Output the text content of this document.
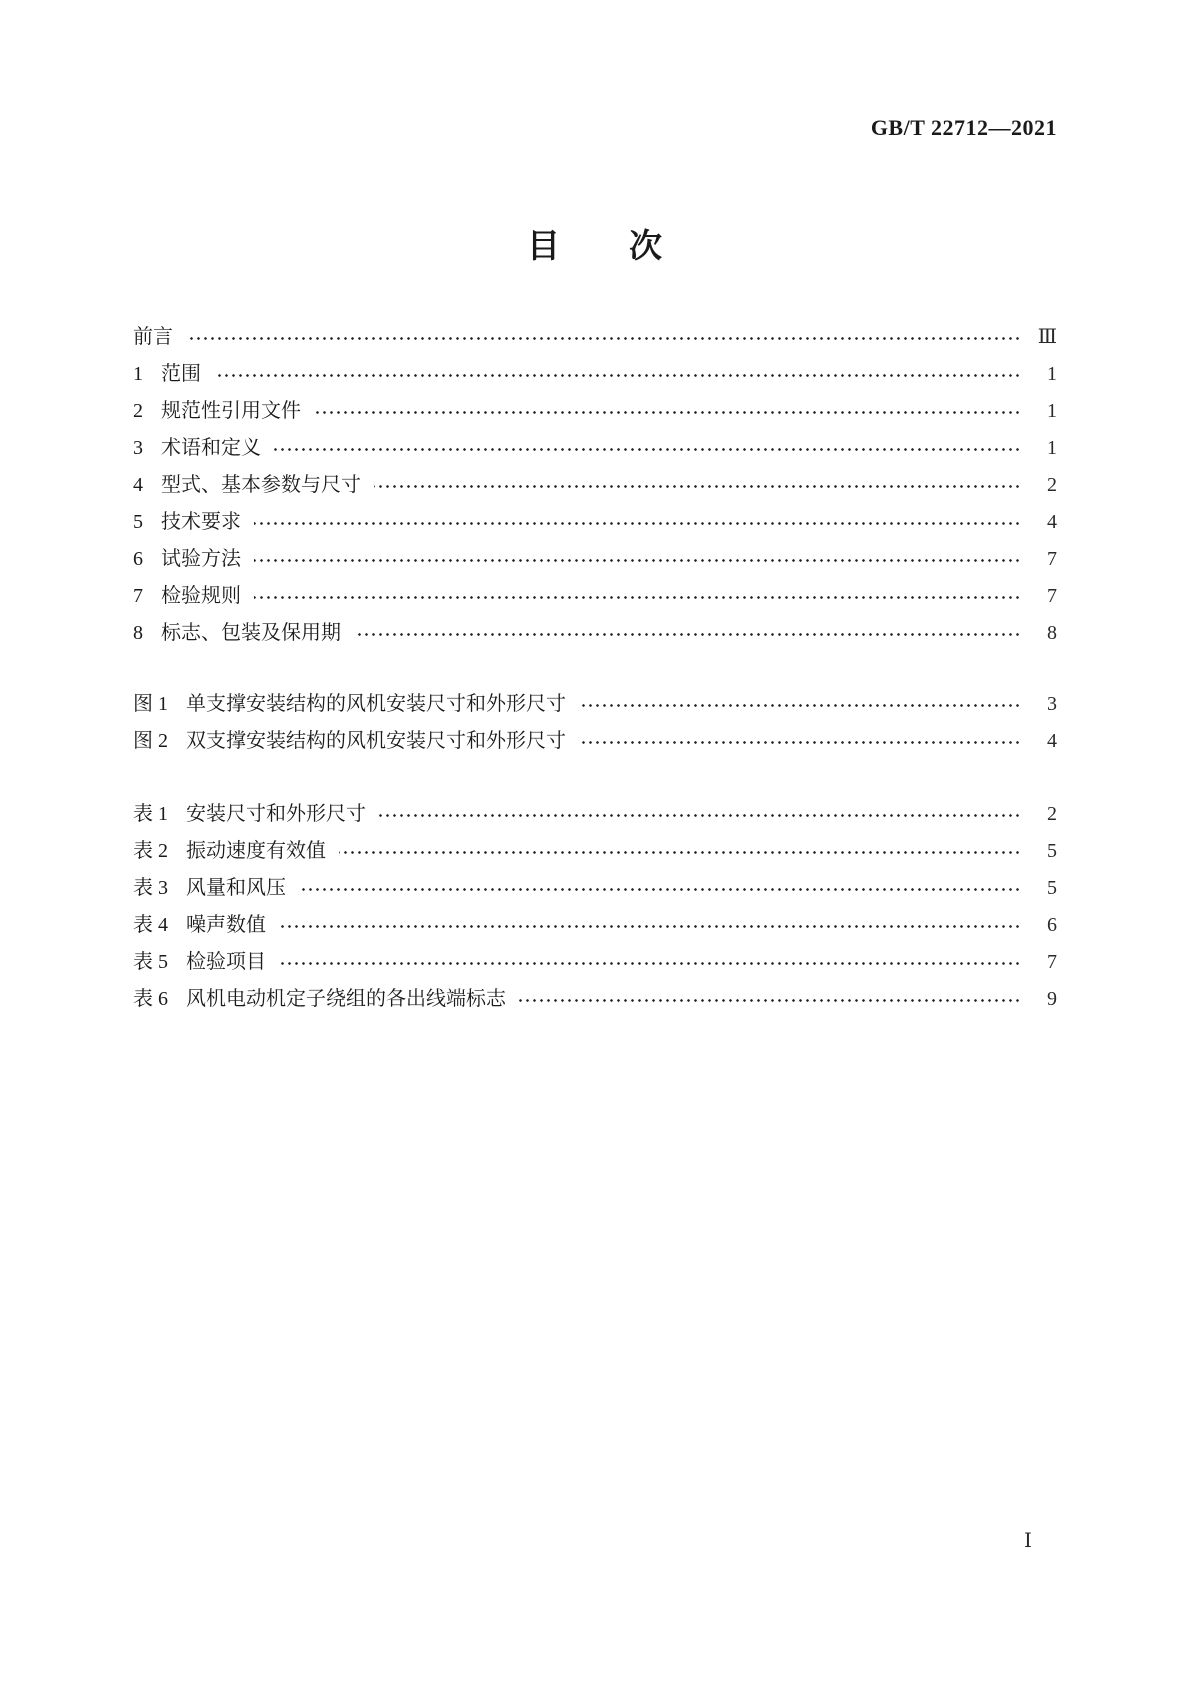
GB/T 22712—2021
目　　次
前言	Ⅲ
1 范围	1
2 规范性引用文件	1
3 术语和定义	1
4 型式、基本参数与尺寸	2
5 技术要求	4
6 试验方法	7
7 检验规则	7
8 标志、包装及保用期	8
图 1 单支撑安装结构的风机安装尺寸和外形尺寸	3
图 2 双支撑安装结构的风机安装尺寸和外形尺寸	4
表 1 安装尺寸和外形尺寸	2
表 2 振动速度有效值	5
表 3 风量和风压	5
表 4 噪声数值	6
表 5 检验项目	7
表 6 风机电动机定子绕组的各出线端标志	9
Ⅰ
